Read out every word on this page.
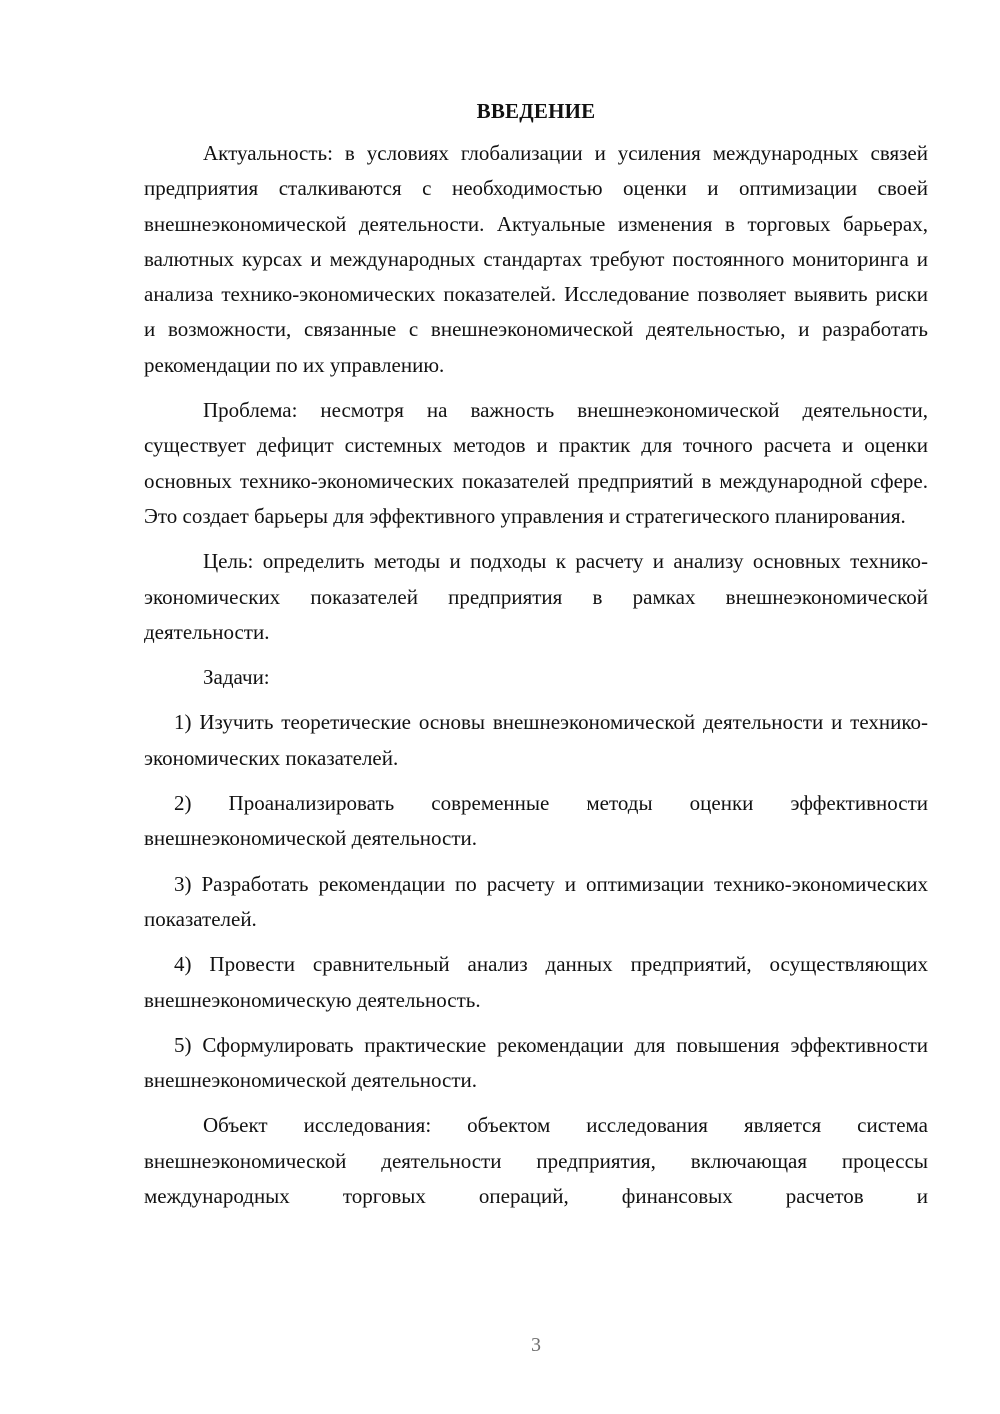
ВВЕДЕНИЕ

Актуальность: в условиях глобализации и усиления международных связей предприятия сталкиваются с необходимостью оценки и оптимизации своей внешнеэкономической деятельности. Актуальные изменения в торговых барьерах, валютных курсах и международных стандартах требуют постоянного мониторинга и анализа технико-экономических показателей. Исследование позволяет выявить риски и возможности, связанные с внешнеэкономической деятельностью, и разработать рекомендации по их управлению.

Проблема: несмотря на важность внешнеэкономической деятельности, существует дефицит системных методов и практик для точного расчета и оценки основных технико-экономических показателей предприятий в международной сфере. Это создает барьеры для эффективного управления и стратегического планирования.

Цель: определить методы и подходы к расчету и анализу основных технико-экономических показателей предприятия в рамках внешнеэкономической деятельности.

Задачи:

1) Изучить теоретические основы внешнеэкономической деятельности и технико-экономических показателей.

2) Проанализировать современные методы оценки эффективности внешнеэкономической деятельности.

3) Разработать рекомендации по расчету и оптимизации технико-экономических показателей.

4) Провести сравнительный анализ данных предприятий, осуществляющих внешнеэкономическую деятельность.

5) Сформулировать практические рекомендации для повышения эффективности внешнеэкономической деятельности.

Объект исследования: объектом исследования является система внешнеэкономической деятельности предприятия, включающая процессы международных торговых операций, финансовых расчетов и

3
